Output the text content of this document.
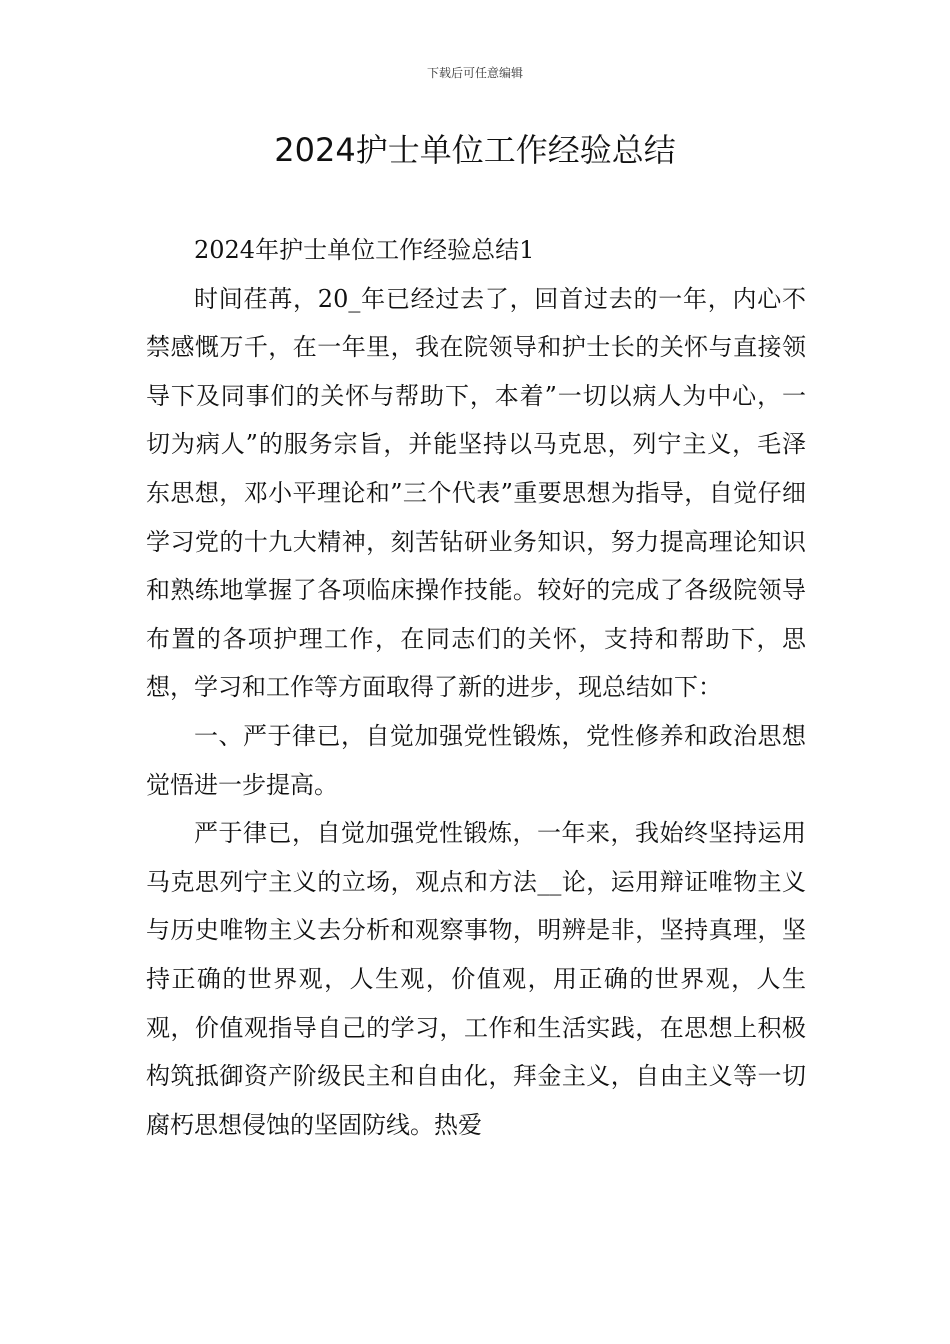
下载后可任意编辑
2024护士单位工作经验总结

2024年护士单位工作经验总结1

时间荏苒，20_年已经过去了，回首过去的一年，内心不禁感慨万千，在一年里，我在院领导和护士长的关怀与直接领导下及同事们的关怀与帮助下，本着”一切以病人为中心，一切为病人”的服务宗旨，并能坚持以马克思，列宁主义，毛泽东思想，邓小平理论和”三个代表”重要思想为指导，自觉仔细学习党的十九大精神，刻苦钻研业务知识，努力提高理论知识和熟练地掌握了各项临床操作技能。较好的完成了各级院领导布置的各项护理工作，在同志们的关怀，支持和帮助下，思想，学习和工作等方面取得了新的进步，现总结如下：

一、严于律已，自觉加强党性锻炼，党性修养和政治思想觉悟进一步提高。

严于律已，自觉加强党性锻炼，一年来，我始终坚持运用马克思列宁主义的立场，观点和方法__论，运用辩证唯物主义与历史唯物主义去分析和观察事物，明辨是非，坚持真理，坚持正确的世界观，人生观，价值观，用正确的世界观，人生观，价值观指导自己的学习，工作和生活实践，在思想上积极构筑抵御资产阶级民主和自由化，拜金主义，自由主义等一切腐朽思想侵蚀的坚固防线。热爱
